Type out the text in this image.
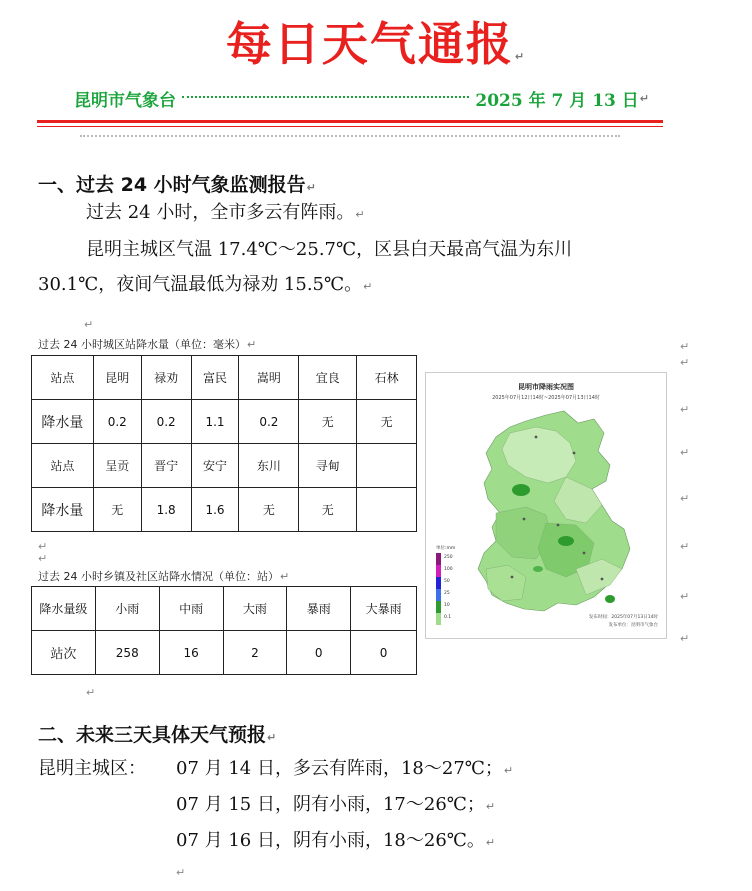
每日天气通报↵
昆明市气象台	2025 年 7 月 13 日 ↵
一、过去 24 小时气象监测报告↵
过去 24 小时，全市多云有阵雨。↵
昆明主城区气温 17.4℃～25.7℃，区县白天最高气温为东川
30.1℃，夜间气温最低为禄劝 15.5℃。↵
↵
过去 24 小时城区站降水量（单位：毫米）↵
站点	昆明	禄劝	富民	嵩明	宜良	石林
降水量	0.2	0.2	1.1	0.2	无	无
站点	呈贡	晋宁	安宁	东川	寻甸	
降水量	无	1.8	1.6	无	无	
↵
↵
过去 24 小时乡镇及社区站降水情况（单位：站）↵
降水量级	小雨	中雨	大雨	暴雨	大暴雨
站次	258	16	2	0	0
昆明市降雨实况图
2025年07月12日14时~2025年07月13日14时
单位:mm
250
100
50
25
10
0.1	发布时间：2025年07月13日14时
发布单位：昆明市气象台
↵
↵
↵
↵
↵
↵
↵
↵
↵
二、未来三天具体天气预报↵
昆明主城区： 07 月 14 日，多云有阵雨，18～27℃；↵
07 月 15 日，阴有小雨，17～26℃；↵
07 月 16 日，阴有小雨，18～26℃。↵
↵
